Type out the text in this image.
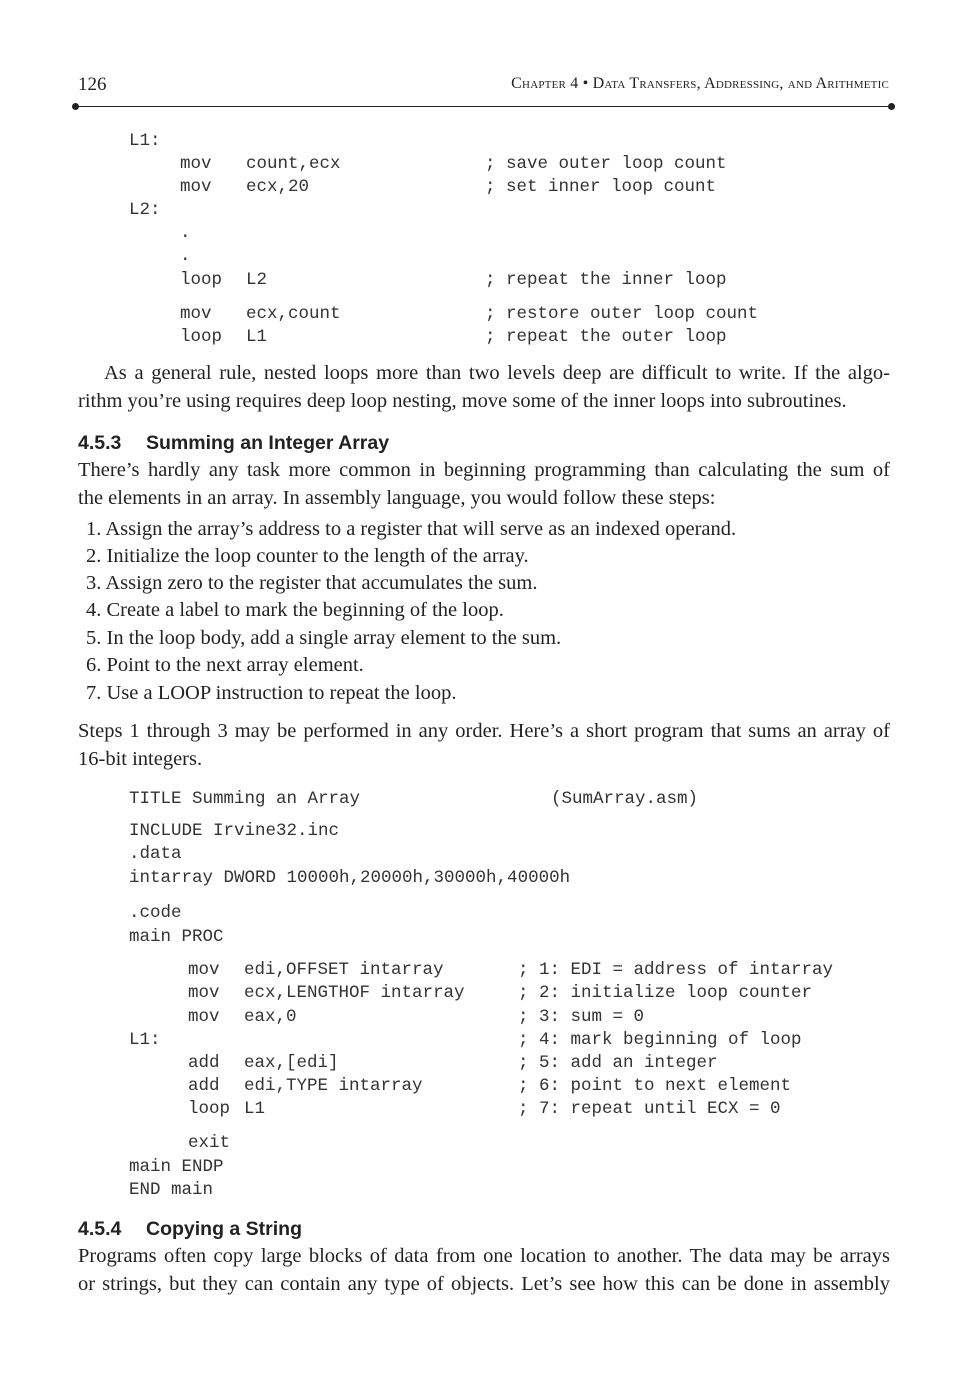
126	Chapter 4 • Data Transfers, Addressing, and Arithmetic
L1:
mov count,ecx	; save outer loop count
mov ecx,20	; set inner loop count
L2:
.
.
loop L2	; repeat the inner loop
mov ecx,count	; restore outer loop count
loop L1	; repeat the outer loop
As a general rule, nested loops more than two levels deep are difficult to write. If the algo-
rithm you’re using requires deep loop nesting, move some of the inner loops into subroutines.
4.5.3 Summing an Integer Array
There’s hardly any task more common in beginning programming than calculating the sum of
the elements in an array. In assembly language, you would follow these steps:
1. Assign the array’s address to a register that will serve as an indexed operand.
2. Initialize the loop counter to the length of the array.
3. Assign zero to the register that accumulates the sum.
4. Create a label to mark the beginning of the loop.
5. In the loop body, add a single array element to the sum.
6. Point to the next array element.
7. Use a LOOP instruction to repeat the loop.
Steps 1 through 3 may be performed in any order. Here’s a short program that sums an array of
16-bit integers.
TITLE Summing an Array	(SumArray.asm)
INCLUDE Irvine32.inc
.data
intarray DWORD 10000h,20000h,30000h,40000h
.code
main PROC
mov edi,OFFSET intarray	; 1: EDI = address of intarray
mov ecx,LENGTHOF intarray	; 2: initialize loop counter
mov eax,0	; 3: sum = 0
L1:	; 4: mark beginning of loop
add eax,[edi]	; 5: add an integer
add edi,TYPE intarray	; 6: point to next element
loop L1	; 7: repeat until ECX = 0
exit
main ENDP
END main
4.5.4 Copying a String
Programs often copy large blocks of data from one location to another. The data may be arrays
or strings, but they can contain any type of objects. Let’s see how this can be done in assembly
